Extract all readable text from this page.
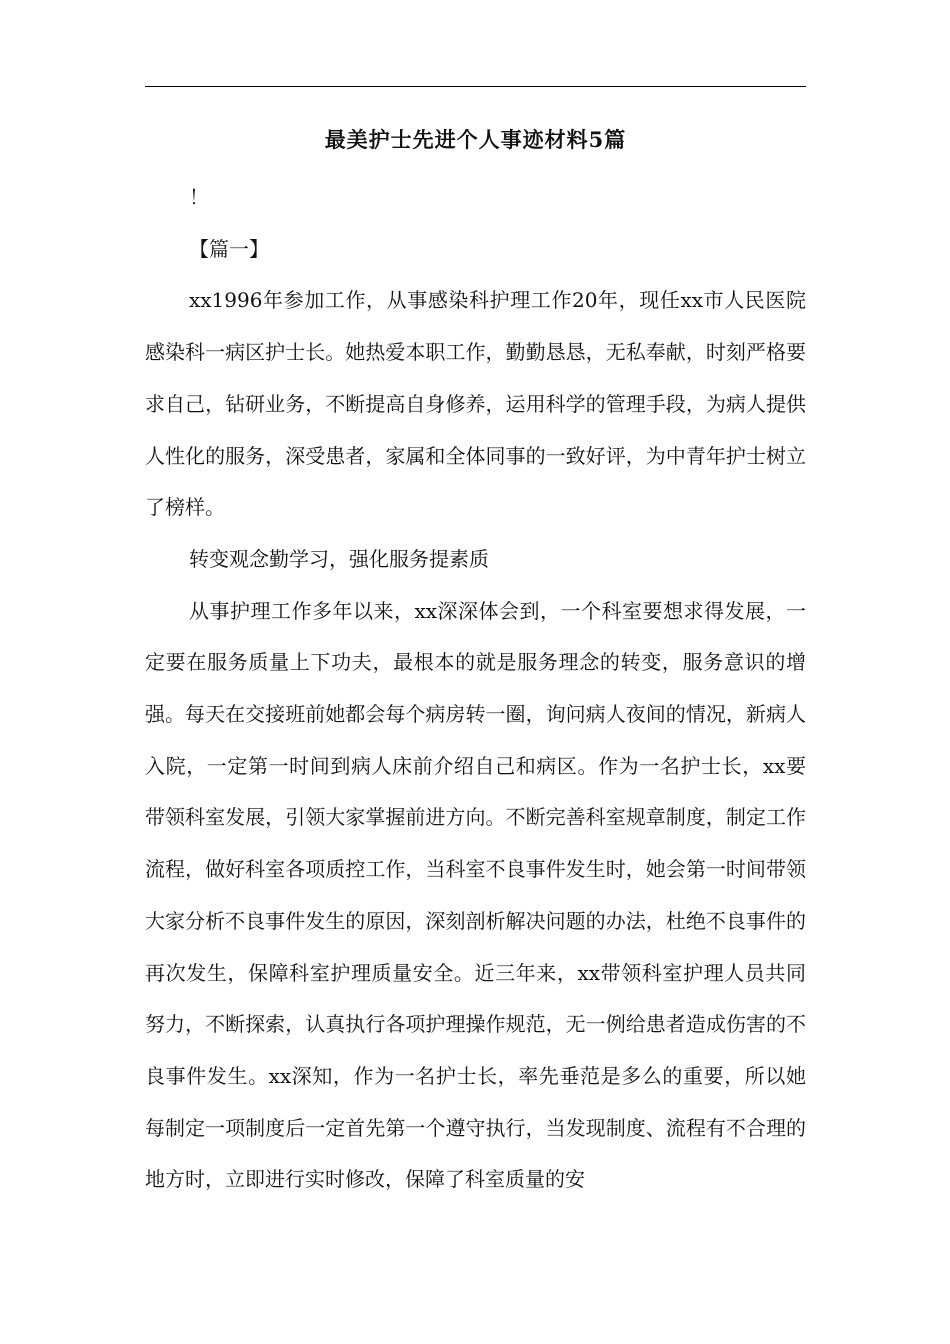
最美护士先进个人事迹材料5篇

！

【篇一】

xx1996年参加工作，从事感染科护理工作20年，现任xx市人民医院感染科一病区护士长。她热爱本职工作，勤勤恳恳，无私奉献，时刻严格要求自己，钻研业务，不断提高自身修养，运用科学的管理手段，为病人提供人性化的服务，深受患者，家属和全体同事的一致好评，为中青年护士树立了榜样。

转变观念勤学习，强化服务提素质

从事护理工作多年以来，xx深深体会到，一个科室要想求得发展，一定要在服务质量上下功夫，最根本的就是服务理念的转变，服务意识的增强。每天在交接班前她都会每个病房转一圈，询问病人夜间的情况，新病人入院，一定第一时间到病人床前介绍自己和病区。作为一名护士长，xx要带领科室发展，引领大家掌握前进方向。不断完善科室规章制度，制定工作流程，做好科室各项质控工作，当科室不良事件发生时，她会第一时间带领大家分析不良事件发生的原因，深刻剖析解决问题的办法，杜绝不良事件的再次发生，保障科室护理质量安全。近三年来，xx带领科室护理人员共同努力，不断探索，认真执行各项护理操作规范，无一例给患者造成伤害的不良事件发生。xx深知，作为一名护士长，率先垂范是多么的重要，所以她每制定一项制度后一定首先第一个遵守执行，当发现制度、流程有不合理的地方时，立即进行实时修改，保障了科室质量的安
